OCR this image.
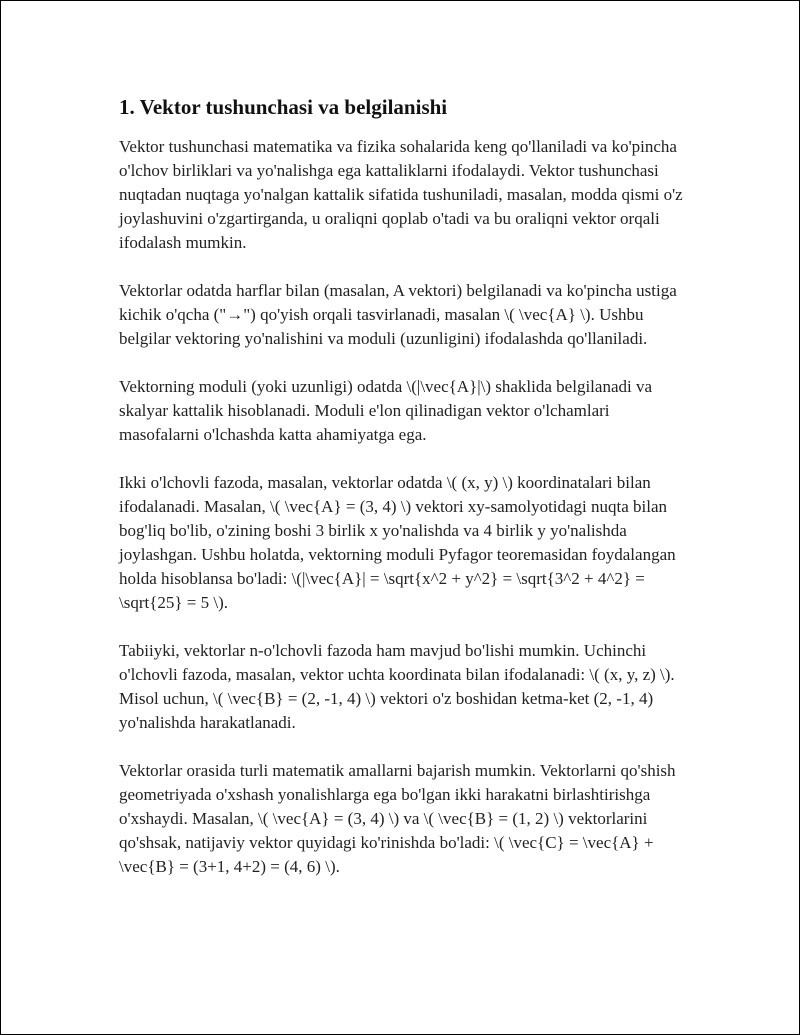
1. Vektor tushunchasi va belgilanishi

Vektor tushunchasi matematika va fizika sohalarida keng qo'llaniladi va ko'pincha o'lchov birliklari va yo'nalishga ega kattaliklarni ifodalaydi. Vektor tushunchasi nuqtadan nuqtaga yo'nalgan kattalik sifatida tushuniladi, masalan, modda qismi o'z joylashuvini o'zgartirganda, u oraliqni qoplab o'tadi va bu oraliqni vektor orqali ifodalash mumkin.

Vektorlar odatda harflar bilan (masalan, A vektori) belgilanadi va ko'pincha ustiga kichik o'qcha ("→") qo'yish orqali tasvirlanadi, masalan \( \vec{A} \). Ushbu belgilar vektoring yo'nalishini va moduli (uzunligini) ifodalashda qo'llaniladi.

Vektorning moduli (yoki uzunligi) odatda \(|\vec{A}|\) shaklida belgilanadi va skalyar kattalik hisoblanadi. Moduli e'lon qilinadigan vektor o'lchamlari masofalarni o'lchashda katta ahamiyatga ega.

Ikki o'lchovli fazoda, masalan, vektorlar odatda \( (x, y) \) koordinatalari bilan ifodalanadi. Masalan, \( \vec{A} = (3, 4) \) vektori xy-samolyotidagi nuqta bilan bog'liq bo'lib, o'zining boshi 3 birlik x yo'nalishda va 4 birlik y yo'nalishda joylashgan. Ushbu holatda, vektorning moduli Pyfagor teoremasidan foydalangan holda hisoblansa bo'ladi: \(|\vec{A}| = \sqrt{x^2 + y^2} = \sqrt{3^2 + 4^2} = \sqrt{25} = 5 \).

Tabiiyki, vektorlar n-o'lchovli fazoda ham mavjud bo'lishi mumkin. Uchinchi o'lchovli fazoda, masalan, vektor uchta koordinata bilan ifodalanadi: \( (x, y, z) \). Misol uchun, \( \vec{B} = (2, -1, 4) \) vektori o'z boshidan ketma-ket (2, -1, 4) yo'nalishda harakatlanadi.

Vektorlar orasida turli matematik amallarni bajarish mumkin. Vektorlarni qo'shish geometriyada o'xshash yonalishlarga ega bo'lgan ikki harakatni birlashtirishga o'xshaydi. Masalan, \( \vec{A} = (3, 4) \) va \( \vec{B} = (1, 2) \) vektorlarini qo'shsak, natijaviy vektor quyidagi ko'rinishda bo'ladi: \( \vec{C} = \vec{A} + \vec{B} = (3+1, 4+2) = (4, 6) \).
